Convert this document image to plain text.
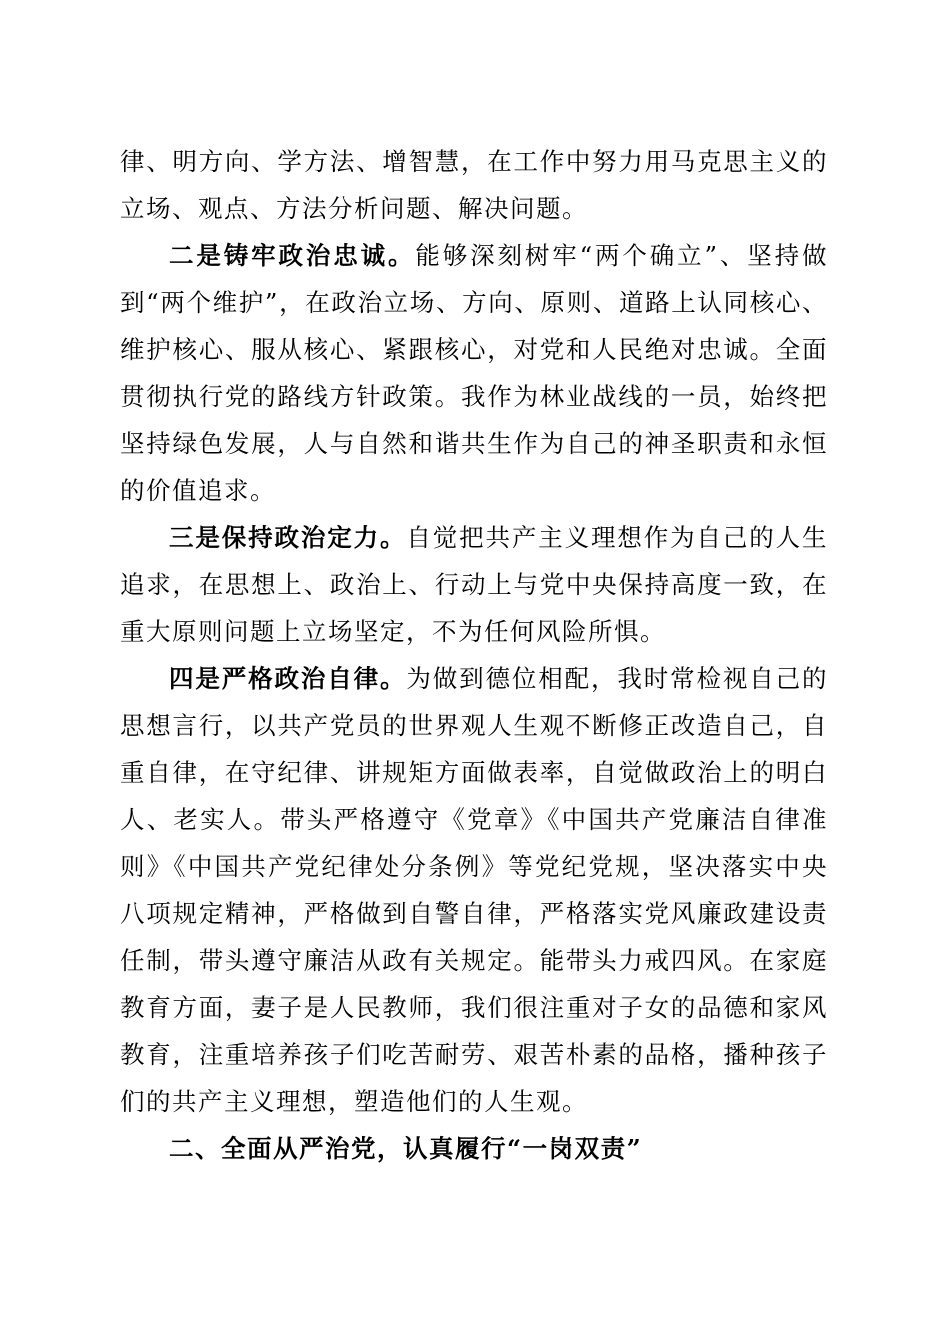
律、明方向、学方法、增智慧，在工作中努力用马克思主义的立场、观点、方法分析问题、解决问题。

二是铸牢政治忠诚。能够深刻树牢“两个确立”、坚持做到“两个维护”，在政治立场、方向、原则、道路上认同核心、维护核心、服从核心、紧跟核心，对党和人民绝对忠诚。全面贯彻执行党的路线方针政策。我作为林业战线的一员，始终把坚持绿色发展，人与自然和谐共生作为自己的神圣职责和永恒的价值追求。

三是保持政治定力。自觉把共产主义理想作为自己的人生追求，在思想上、政治上、行动上与党中央保持高度一致，在重大原则问题上立场坚定，不为任何风险所惧。

四是严格政治自律。为做到德位相配，我时常检视自己的思想言行，以共产党员的世界观人生观不断修正改造自己，自重自律，在守纪律、讲规矩方面做表率，自觉做政治上的明白人、老实人。带头严格遵守《党章》《中国共产党廉洁自律准则》《中国共产党纪律处分条例》等党纪党规，坚决落实中央八项规定精神，严格做到自警自律，严格落实党风廉政建设责任制，带头遵守廉洁从政有关规定。能带头力戒四风。在家庭教育方面，妻子是人民教师，我们很注重对子女的品德和家风教育，注重培养孩子们吃苦耐劳、艰苦朴素的品格，播种孩子们的共产主义理想，塑造他们的人生观。

二、全面从严治党，认真履行“一岗双责”
